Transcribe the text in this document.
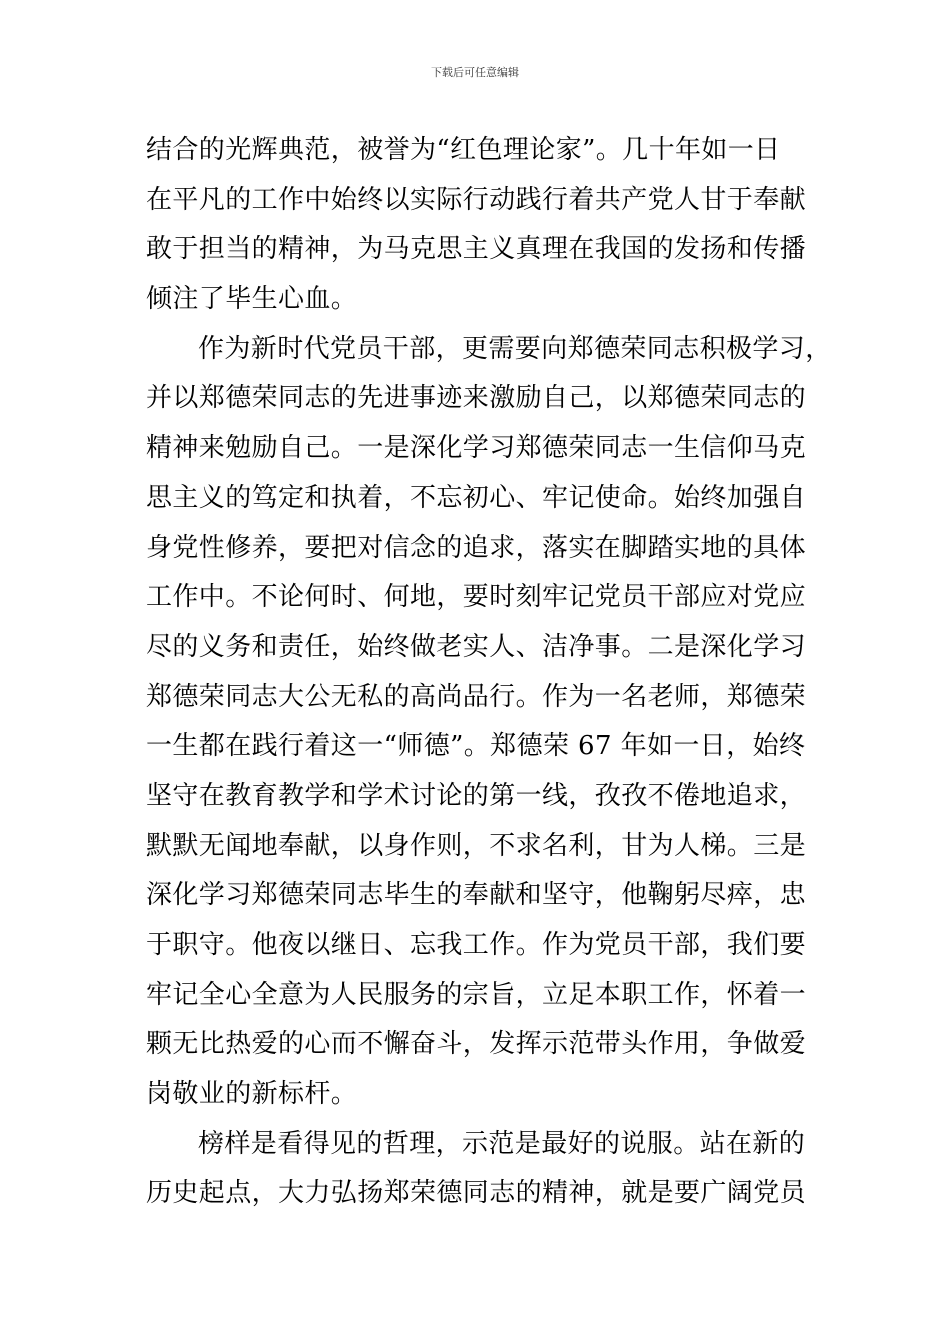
下载后可任意编辑
结合的光辉典范，被誉为“红色理论家”。几十年如一日
在平凡的工作中始终以实际行动践行着共产党人甘于奉献
敢于担当的精神，为马克思主义真理在我国的发扬和传播
倾注了毕生心血。
作为新时代党员干部，更需要向郑德荣同志积极学习，
并以郑德荣同志的先进事迹来激励自己，以郑德荣同志的
精神来勉励自己。一是深化学习郑德荣同志一生信仰马克
思主义的笃定和执着，不忘初心、牢记使命。始终加强自
身党性修养，要把对信念的追求，落实在脚踏实地的具体
工作中。不论何时、何地，要时刻牢记党员干部应对党应
尽的义务和责任，始终做老实人、洁净事。二是深化学习
郑德荣同志大公无私的高尚品行。作为一名老师，郑德荣
一生都在践行着这一“师德”。郑德荣 67 年如一日，始终
坚守在教育教学和学术讨论的第一线，孜孜不倦地追求，
默默无闻地奉献，以身作则，不求名利，甘为人梯。三是
深化学习郑德荣同志毕生的奉献和坚守，他鞠躬尽瘁，忠
于职守。他夜以继日、忘我工作。作为党员干部，我们要
牢记全心全意为人民服务的宗旨，立足本职工作，怀着一
颗无比热爱的心而不懈奋斗，发挥示范带头作用，争做爱
岗敬业的新标杆。
榜样是看得见的哲理，示范是最好的说服。站在新的
历史起点，大力弘扬郑荣德同志的精神，就是要广阔党员
